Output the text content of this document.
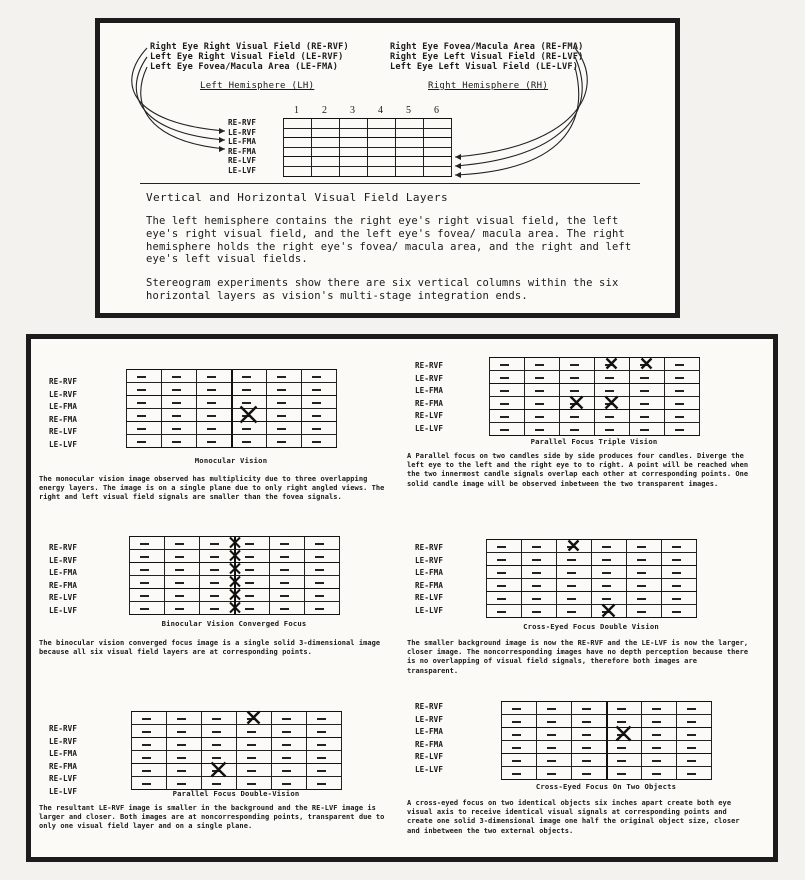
Right Eye Right Visual Field (RE-RVF)
Left Eye Right Visual Field (LE-RVF)
Left Eye Fovea/Macula Area (LE-FMA)
Right Eye Fovea/Macula Area (RE-FMA)
Right Eye Left Visual Field (RE-LVF)
Left Eye Left Visual Field (LE-LVF)
Left Hemisphere (LH)	Right Hemisphere (RH)
RE-RVF
LE-RVF
LE-FMA
RE-FMA
RE-LVF
LE-LVF
1 2 3 4 5 6
Vertical and Horizontal Visual Field Layers
The left hemisphere contains the right eye's right visual field, the left eye's right visual field, and the left eye's fovea/ macula area. The right hemisphere holds the right eye's fovea/ macula area, and the right and left eye's left visual fields.
Stereogram experiments show there are six vertical columns within the six horizontal layers as vision's multi-stage integration ends.
RE-RVF
LE-RVF
LE-FMA
RE-FMA
RE-LVF
LE-LVF
Monocular Vision
The monocular vision image observed has multiplicity due to three overlapping energy layers. The image is on a single plane due to only right angled views. The right and left visual field signals are smaller than the fovea signals.
RE-RVF
LE-RVF
LE-FMA
RE-FMA
RE-LVF
LE-LVF
Parallel Focus Triple Vision
A Parallel focus on two candles side by side produces four candles. Diverge the left eye to the left and the right eye to to right. A point will be reached when the two innermost candle signals overlap each other at corresponding points. One solid candle image will be observed inbetween the two transparent images.
RE-RVF
LE-RVF
LE-FMA
RE-FMA
RE-LVF
LE-LVF
Binocular Vision Converged Focus
The binocular vision converged focus image is a single solid 3-dimensional image because all six visual field layers are at corresponding points.
RE-RVF
LE-RVF
LE-FMA
RE-FMA
RE-LVF
LE-LVF
Cross-Eyed Focus Double Vision
The smaller background image is now the RE-RVF and the LE-LVF is now the larger, closer image. The noncorresponding images have no depth perception because there is no overlapping of visual field signals, therefore both images are transparent.
RE-RVF
LE-RVF
LE-FMA
RE-FMA
RE-LVF
LE-LVF	Parallel Focus Double-Vision
The resultant LE-RVF image is smaller in the background and the RE-LVF image is larger and closer. Both images are at noncorresponding points, transparent due to only one visual field layer and on a single plane.
RE-RVF
LE-RVF
LE-FMA
RE-FMA
RE-LVF
LE-LVF
Cross-Eyed Focus On Two Objects
A cross-eyed focus on two identical objects six inches apart create both eye visual axis to receive identical visual signals at corresponding points and create one solid 3-dimensional image one half the original object size, closer and inbetween the two external objects.
